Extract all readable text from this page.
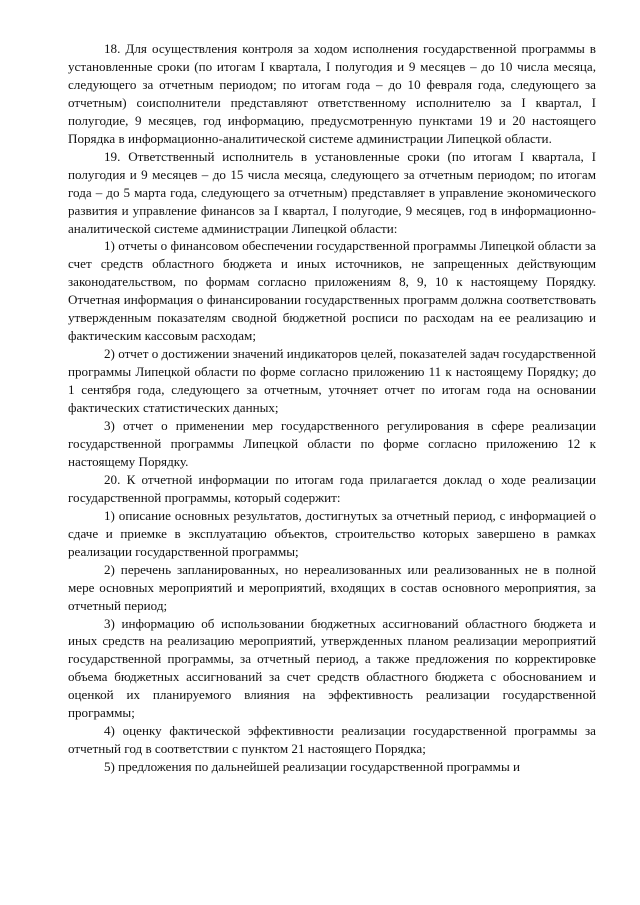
18. Для осуществления контроля за ходом исполнения государственной программы в установленные сроки (по итогам I квартала, I полугодия и 9 месяцев – до 10 числа месяца, следующего за отчетным периодом; по итогам года – до 10 февраля года, следующего за отчетным) соисполнители представляют ответственному исполнителю за I квартал, I полугодие, 9 месяцев, год информацию, предусмотренную пунктами 19 и 20 настоящего Порядка в информационно-аналитической системе администрации Липецкой области.

19. Ответственный исполнитель в установленные сроки (по итогам I квартала, I полугодия и 9 месяцев – до 15 числа месяца, следующего за отчетным периодом; по итогам года – до 5 марта года, следующего за отчетным) представляет в управление экономического развития и управление финансов за I квартал, I полугодие, 9 месяцев, год в информационно-аналитической системе администрации Липецкой области:

1) отчеты о финансовом обеспечении государственной программы Липецкой области за счет средств областного бюджета и иных источников, не запрещенных действующим законодательством, по формам согласно приложениям 8, 9, 10 к настоящему Порядку. Отчетная информация о финансировании государственных программ должна соответствовать утвержденным показателям сводной бюджетной росписи по расходам на ее реализацию и фактическим кассовым расходам;

2) отчет о достижении значений индикаторов целей, показателей задач государственной программы Липецкой области по форме согласно приложению 11 к настоящему Порядку; до 1 сентября года, следующего за отчетным, уточняет отчет по итогам года на основании фактических статистических данных;

3) отчет о применении мер государственного регулирования в сфере реализации государственной программы Липецкой области по форме согласно приложению 12 к настоящему Порядку.

20. К отчетной информации по итогам года прилагается доклад о ходе реализации государственной программы, который содержит:

1) описание основных результатов, достигнутых за отчетный период, с информацией о сдаче и приемке в эксплуатацию объектов, строительство которых завершено в рамках реализации государственной программы;

2) перечень запланированных, но нереализованных или реализованных не в полной мере основных мероприятий и мероприятий, входящих в состав основного мероприятия, за отчетный период;

3) информацию об использовании бюджетных ассигнований областного бюджета и иных средств на реализацию мероприятий, утвержденных планом реализации мероприятий государственной программы, за отчетный период, а также предложения по корректировке объема бюджетных ассигнований за счет средств областного бюджета с обоснованием и оценкой их планируемого влияния на эффективность реализации государственной программы;

4) оценку фактической эффективности реализации государственной программы за отчетный год в соответствии с пунктом 21 настоящего Порядка;

5) предложения по дальнейшей реализации государственной программы и
